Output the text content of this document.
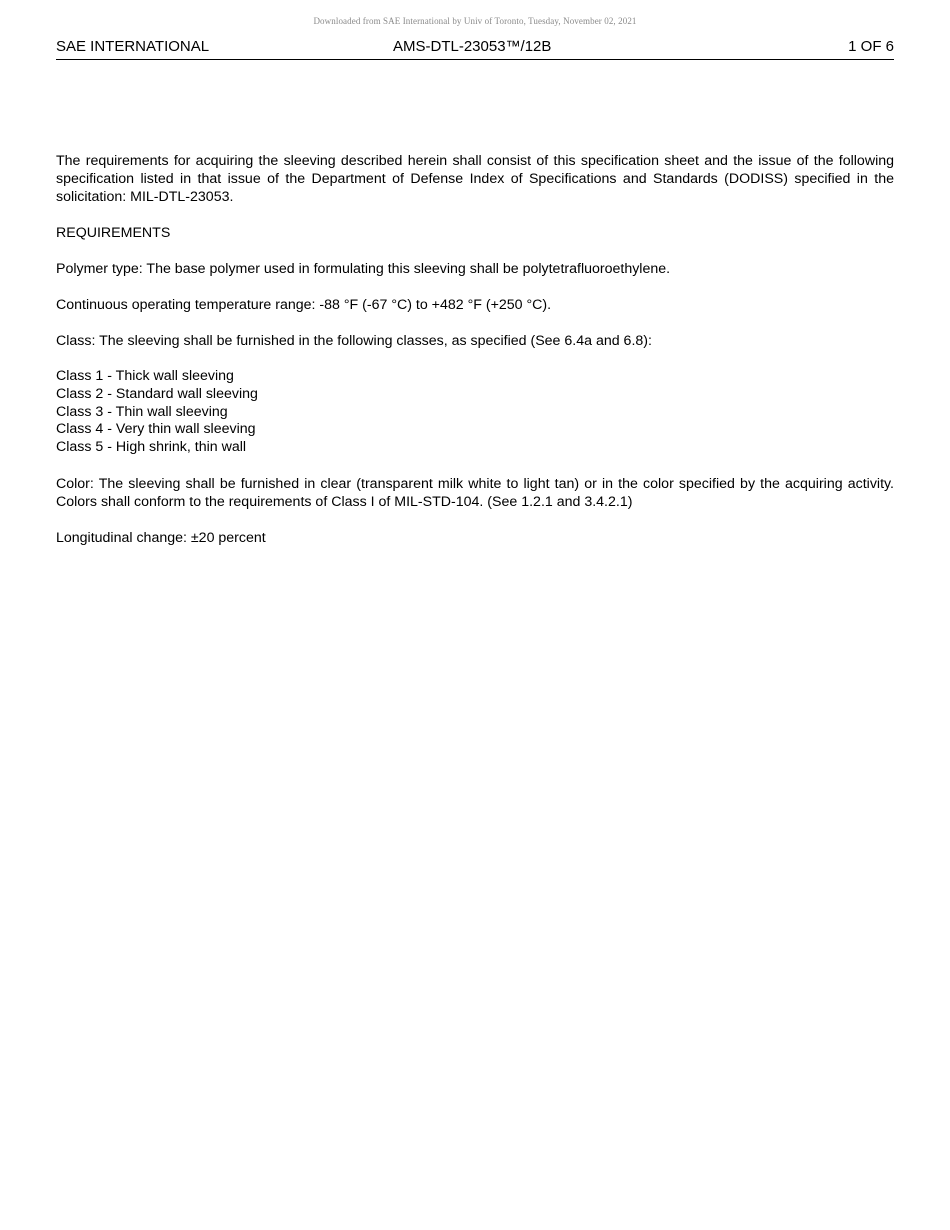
Downloaded from SAE International by Univ of Toronto, Tuesday, November 02, 2021
SAE INTERNATIONAL	AMS-DTL-23053™/12B	1 OF 6

The requirements for acquiring the sleeving described herein shall consist of this specification sheet and the issue of the following specification listed in that issue of the Department of Defense Index of Specifications and Standards (DODISS) specified in the solicitation: MIL-DTL-23053.

REQUIREMENTS

Polymer type: The base polymer used in formulating this sleeving shall be polytetrafluoroethylene.

Continuous operating temperature range: -88 °F (-67 °C) to +482 °F (+250 °C).

Class: The sleeving shall be furnished in the following classes, as specified (See 6.4a and 6.8):

Class 1 - Thick wall sleeving
Class 2 - Standard wall sleeving
Class 3 - Thin wall sleeving
Class 4 - Very thin wall sleeving
Class 5 - High shrink, thin wall

Color: The sleeving shall be furnished in clear (transparent milk white to light tan) or in the color specified by the acquiring activity. Colors shall conform to the requirements of Class I of MIL-STD-104. (See 1.2.1 and 3.4.2.1)

Longitudinal change: ±20 percent
